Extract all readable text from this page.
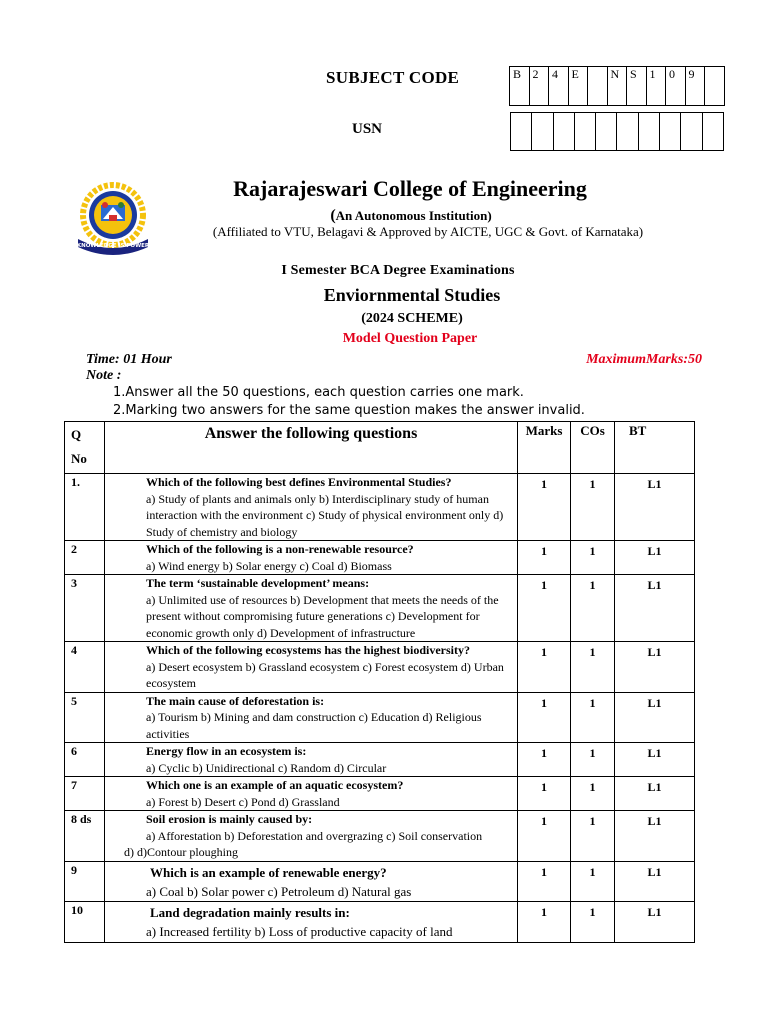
SUBJECT CODE	B 2	4	E	N S	1	0	9
USN
KNOWLEDGE IS POWER
Rajarajeswari College of Engineering
(An Autonomous Institution)
(Affiliated to VTU, Belagavi & Approved by AICTE, UGC & Govt. of Karnataka)
I Semester BCA Degree Examinations
Enviornmental Studies
(2024 SCHEME)
Model Question Paper
Time: 01 Hour	MaximumMarks:50
Note :
1.Answer all the 50 questions, each question carries one mark.
2.Marking two answers for the same question makes the answer invalid.
Q
No	Answer the following questions	Marks	COs	BT
1.	Which of the following best defines Environmental Studies?
a) Study of plants and animals only b) Interdisciplinary study of human interaction with the environment c) Study of physical environment only d) Study of chemistry and biology	1	1	L1
2	Which of the following is a non-renewable resource?
a) Wind energy b) Solar energy c) Coal d) Biomass	1	1	L1
3	The term ‘sustainable development’ means:
a) Unlimited use of resources b) Development that meets the needs of the present without compromising future generations c) Development for economic growth only d) Development of infrastructure	1	1	L1
4	Which of the following ecosystems has the highest biodiversity?
a) Desert ecosystem b) Grassland ecosystem c) Forest ecosystem d) Urban ecosystem	1	1	L1
5	The main cause of deforestation is:
a) Tourism b) Mining and dam construction c) Education d) Religious activities	1	1	L1
6	Energy flow in an ecosystem is:
a) Cyclic b) Unidirectional c) Random d) Circular	1	1	L1
7	Which one is an example of an aquatic ecosystem?
a) Forest b) Desert c) Pond d) Grassland	1	1	L1
8 ds	Soil erosion is mainly caused by:
a) Afforestation b) Deforestation and overgrazing c) Soil conservation
d) d)Contour ploughing	1	1	L1
9	Which is an example of renewable energy?
a) Coal b) Solar power c) Petroleum d) Natural gas	1	1	L1
10	Land degradation mainly results in:
a) Increased fertility b) Loss of productive capacity of land	1	1	L1
